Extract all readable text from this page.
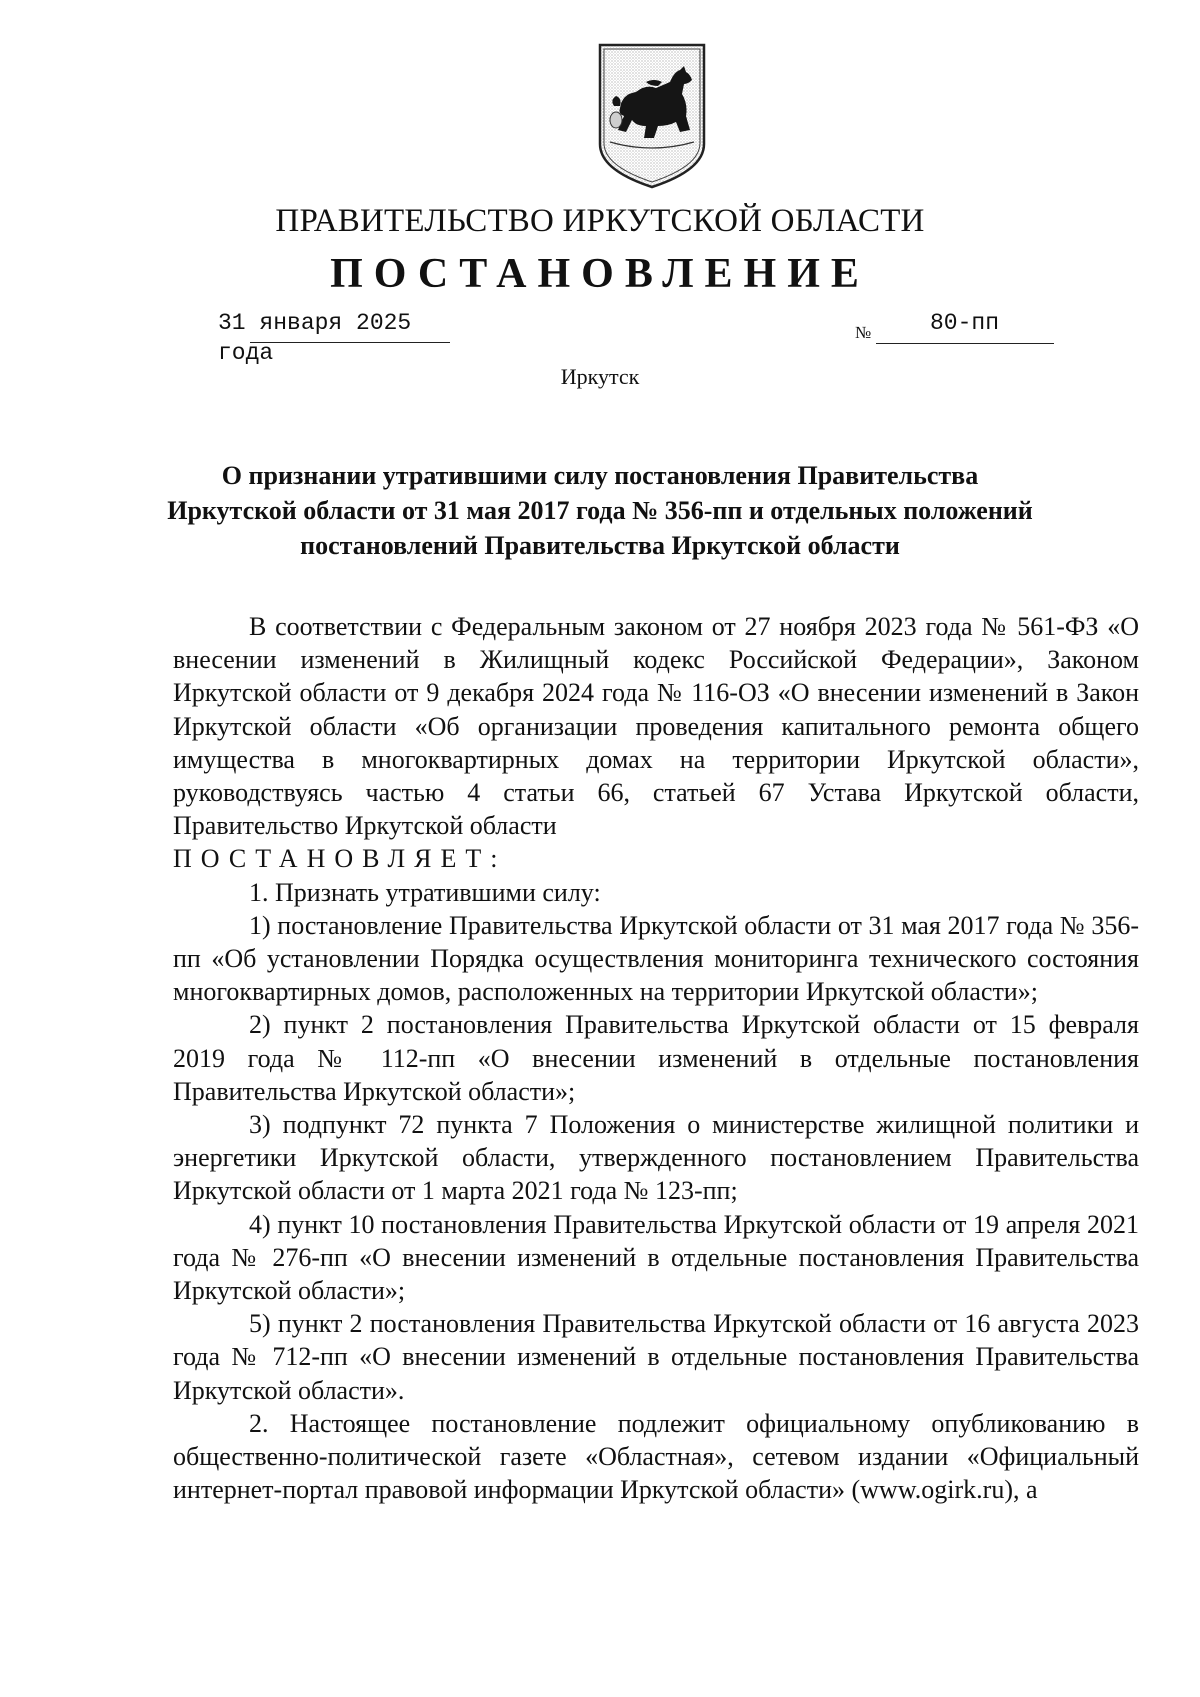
ПРАВИТЕЛЬСТВО ИРКУТСКОЙ ОБЛАСТИ
ПОСТАНОВЛЕНИЕ
31 января 2025 года
№	80-пп
Иркутск
О признании утратившими силу постановления Правительства Иркутской области от 31 мая 2017 года № 356-пп и отдельных положений постановлений Правительства Иркутской области

В соответствии с Федеральным законом от 27 ноября 2023 года № 561-ФЗ «О внесении изменений в Жилищный кодекс Российской Федерации», Законом Иркутской области от 9 декабря 2024 года № 116-ОЗ «О внесении изменений в Закон Иркутской области «Об организации проведения капитального ремонта общего имущества в многоквартирных домах на территории Иркутской области», руководствуясь частью 4 статьи 66, статьей 67 Устава Иркутской области, Правительство Иркутской области

ПОСТАНОВЛЯЕТ:

1. Признать утратившими силу:

1) постановление Правительства Иркутской области от 31 мая 2017 года № 356-пп «Об установлении Порядка осуществления мониторинга технического состояния многоквартирных домов, расположенных на территории Иркутской области»;

2) пункт 2 постановления Правительства Иркутской области от 15 февраля 2019 года № 112-пп «О внесении изменений в отдельные постановления Правительства Иркутской области»;

3) подпункт 72 пункта 7 Положения о министерстве жилищной политики и энергетики Иркутской области, утвержденного постановлением Правительства Иркутской области от 1 марта 2021 года № 123-пп;

4) пункт 10 постановления Правительства Иркутской области от 19 апреля 2021 года № 276-пп «О внесении изменений в отдельные постановления Правительства Иркутской области»;

5) пункт 2 постановления Правительства Иркутской области от 16 августа 2023 года № 712-пп «О внесении изменений в отдельные постановления Правительства Иркутской области».

2. Настоящее постановление подлежит официальному опубликованию в общественно-политической газете «Областная», сетевом издании «Официальный интернет-портал правовой информации Иркутской области» (www.ogirk.ru), а
